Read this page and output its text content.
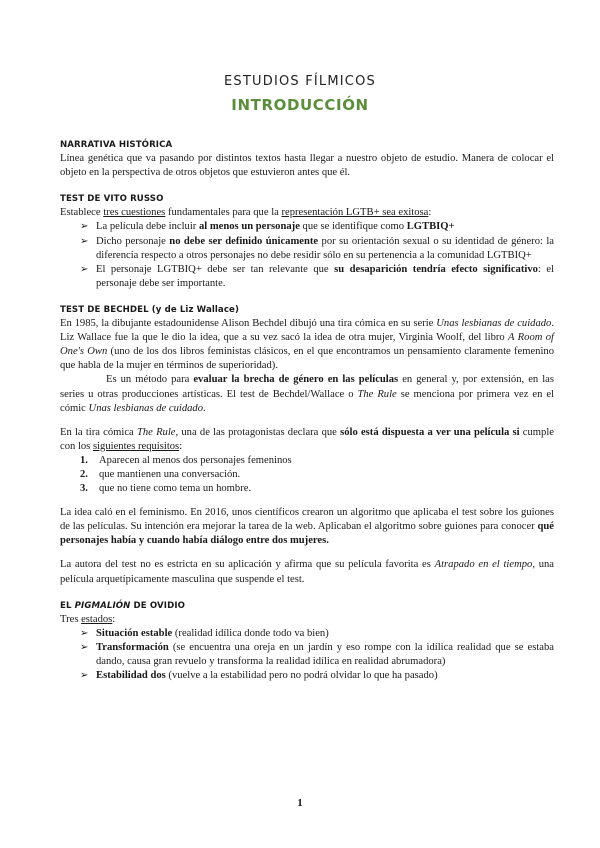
ESTUDIOS FÍLMICOS
INTRODUCCIÓN

NARRATIVA HISTÓRICA

Línea genética que va pasando por distintos textos hasta llegar a nuestro objeto de estudio. Manera de colocar el objeto en la perspectiva de otros objetos que estuvieron antes que él.

TEST DE VITO RUSSO

Establece tres cuestiones fundamentales para que la representación LGTB+ sea exitosa:

➢ La película debe incluir al menos un personaje que se identifique como LGTBIQ+
➢ Dicho personaje no debe ser definido únicamente por su orientación sexual o su identidad de género: la diferencia respecto a otros personajes no debe residir sólo en su pertenencia a la comunidad LGTBIQ+
➢ El personaje LGTBIQ+ debe ser tan relevante que su desaparición tendría efecto significativo: el personaje debe ser importante.

TEST DE BECHDEL (y de Liz Wallace)

En 1985, la dibujante estadounidense Alison Bechdel dibujó una tira cómica en su serie Unas lesbianas de cuidado. Liz Wallace fue la que le dio la idea, que a su vez sacó la idea de otra mujer, Virginia Woolf, del libro A Room of One's Own (uno de los dos libros feministas clásicos, en el que encontramos un pensamiento claramente femenino que habla de la mujer en términos de superioridad).

Es un método para evaluar la brecha de género en las películas en general y, por extensión, en las series u otras producciones artísticas. El test de Bechdel/Wallace o The Rule se menciona por primera vez en el cómic Unas lesbianas de cuidado.

En la tira cómica The Rule, una de las protagonistas declara que sólo está dispuesta a ver una película si cumple con los siguientes requisitos:

1. Aparecen al menos dos personajes femeninos
2. que mantienen una conversación.
3. que no tiene como tema un hombre.

La idea caló en el feminismo. En 2016, unos científicos crearon un algoritmo que aplicaba el test sobre los guiones de las películas. Su intención era mejorar la tarea de la web. Aplicaban el algoritmo sobre guiones para conocer qué personajes había y cuando había diálogo entre dos mujeres.

La autora del test no es estricta en su aplicación y afirma que su película favorita es Atrapado en el tiempo, una película arquetípicamente masculina que suspende el test.

EL PIGMALIÓN DE OVIDIO

Tres estados:

➢ Situación estable (realidad idílica donde todo va bien)
➢ Transformación (se encuentra una oreja en un jardín y eso rompe con la idílica realidad que se estaba dando, causa gran revuelo y transforma la realidad idílica en realidad abrumadora)
➢ Estabilidad dos (vuelve a la estabilidad pero no podrá olvidar lo que ha pasado)
1
